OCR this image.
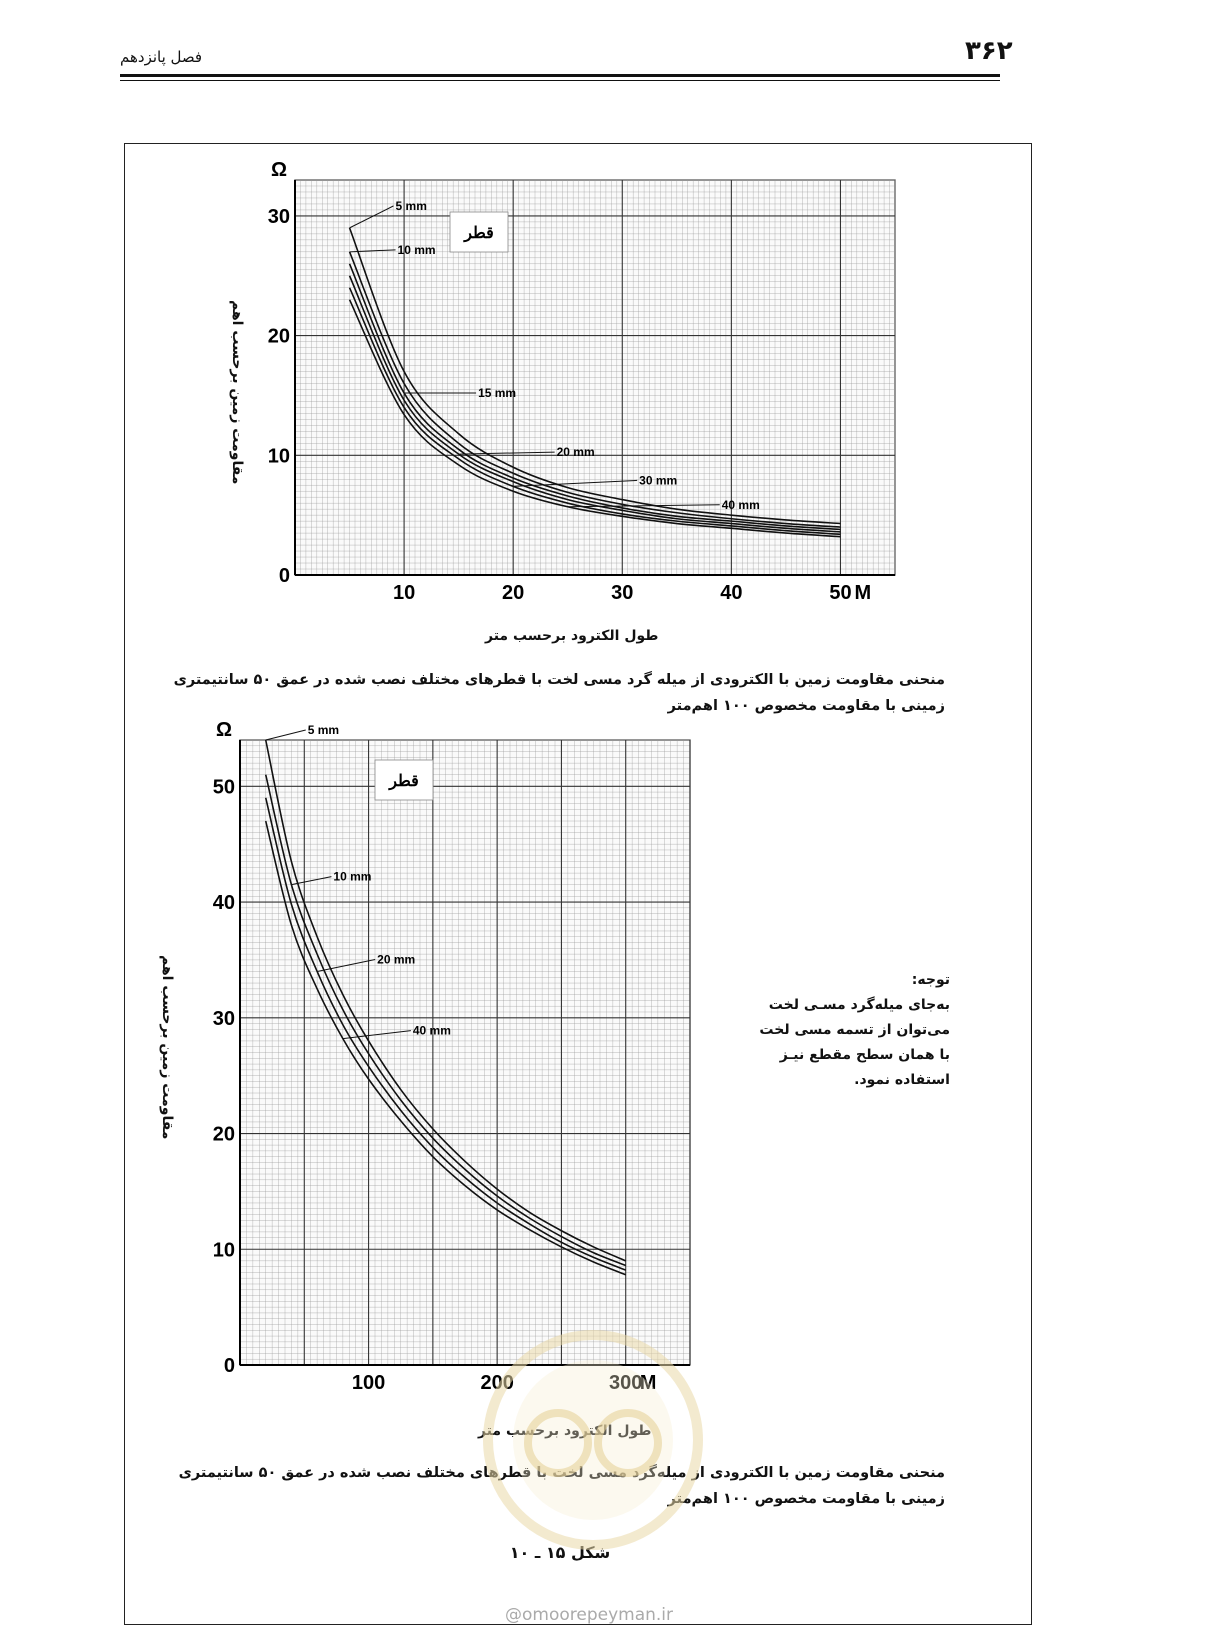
۳۶۲
فصل پانزدهم
10	20	30	40	50
0
10
20
30
M
Ω
5 mm
10 mm
15 mm
20 mm
30 mm
40 mm
قطر
مقاومت زمین برحسب اهم
طول الکترود برحسب متر
منحنی مقاومت زمین با الکترودی از میله گرد مسی لخت با قطرهای مختلف نصب شده در عمق ۵۰ سانتیمتری
زمینی با مقاومت مخصوص ۱۰۰ اهم‌متر
100	200	300
0
10
20
30
40
50
M
Ω	5 mm
10 mm
20 mm
40 mm
قطر
مقاومت زمین برحسب اهم
طول الکترود برحسب متر
توجه:
به‌جای میله‌گرد مسـی لخت
می‌توان از تسمه مسی لخت
با همان سطح مقطع نیـز
استفاده نمود.
منحنی مقاومت زمین با الکترودی از میله‌گرد مسی لخت با قطرهای مختلف نصب شده در عمق ۵۰ سانتیمتری
زمینی با مقاومت مخصوص ۱۰۰ اهم‌متر
شکل ۱۵ ـ ۱۰
@omoorepeyman.ir
